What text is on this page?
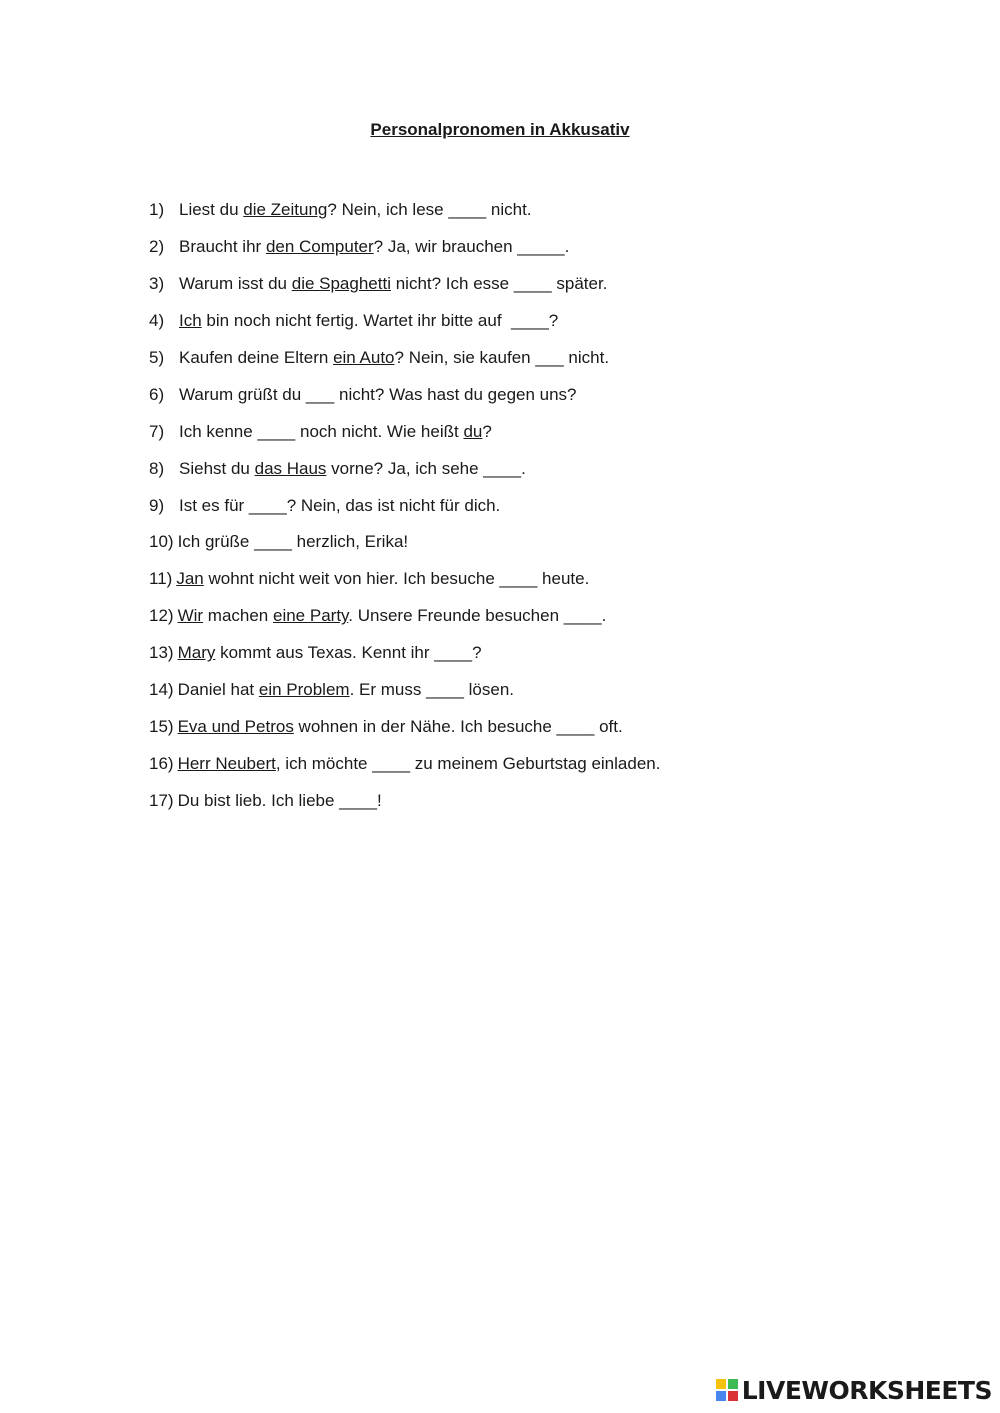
Personalpronomen in Akkusativ
1) Liest du die Zeitung? Nein, ich lese ____ nicht.
2) Braucht ihr den Computer? Ja, wir brauchen _____.
3) Warum isst du die Spaghetti nicht? Ich esse ____ später.
4) Ich bin noch nicht fertig. Wartet ihr bitte auf  ____?
5) Kaufen deine Eltern ein Auto? Nein, sie kaufen ___ nicht.
6) Warum grüßt du ___ nicht? Was hast du gegen uns?
7) Ich kenne ____ noch nicht. Wie heißt du?
8) Siehst du das Haus vorne? Ja, ich sehe ____.
9) Ist es für ____? Nein, das ist nicht für dich.
10) Ich grüße ____ herzlich, Erika!
11) Jan wohnt nicht weit von hier. Ich besuche ____ heute.
12) Wir machen eine Party. Unsere Freunde besuchen ____.
13) Mary kommt aus Texas. Kennt ihr ____?
14) Daniel hat ein Problem. Er muss ____ lösen.
15) Eva und Petros wohnen in der Nähe. Ich besuche ____ oft.
16) Herr Neubert, ich möchte ____ zu meinem Geburtstag einladen.
17) Du bist lieb. Ich liebe ____!
LIVEWORKSHEETS
